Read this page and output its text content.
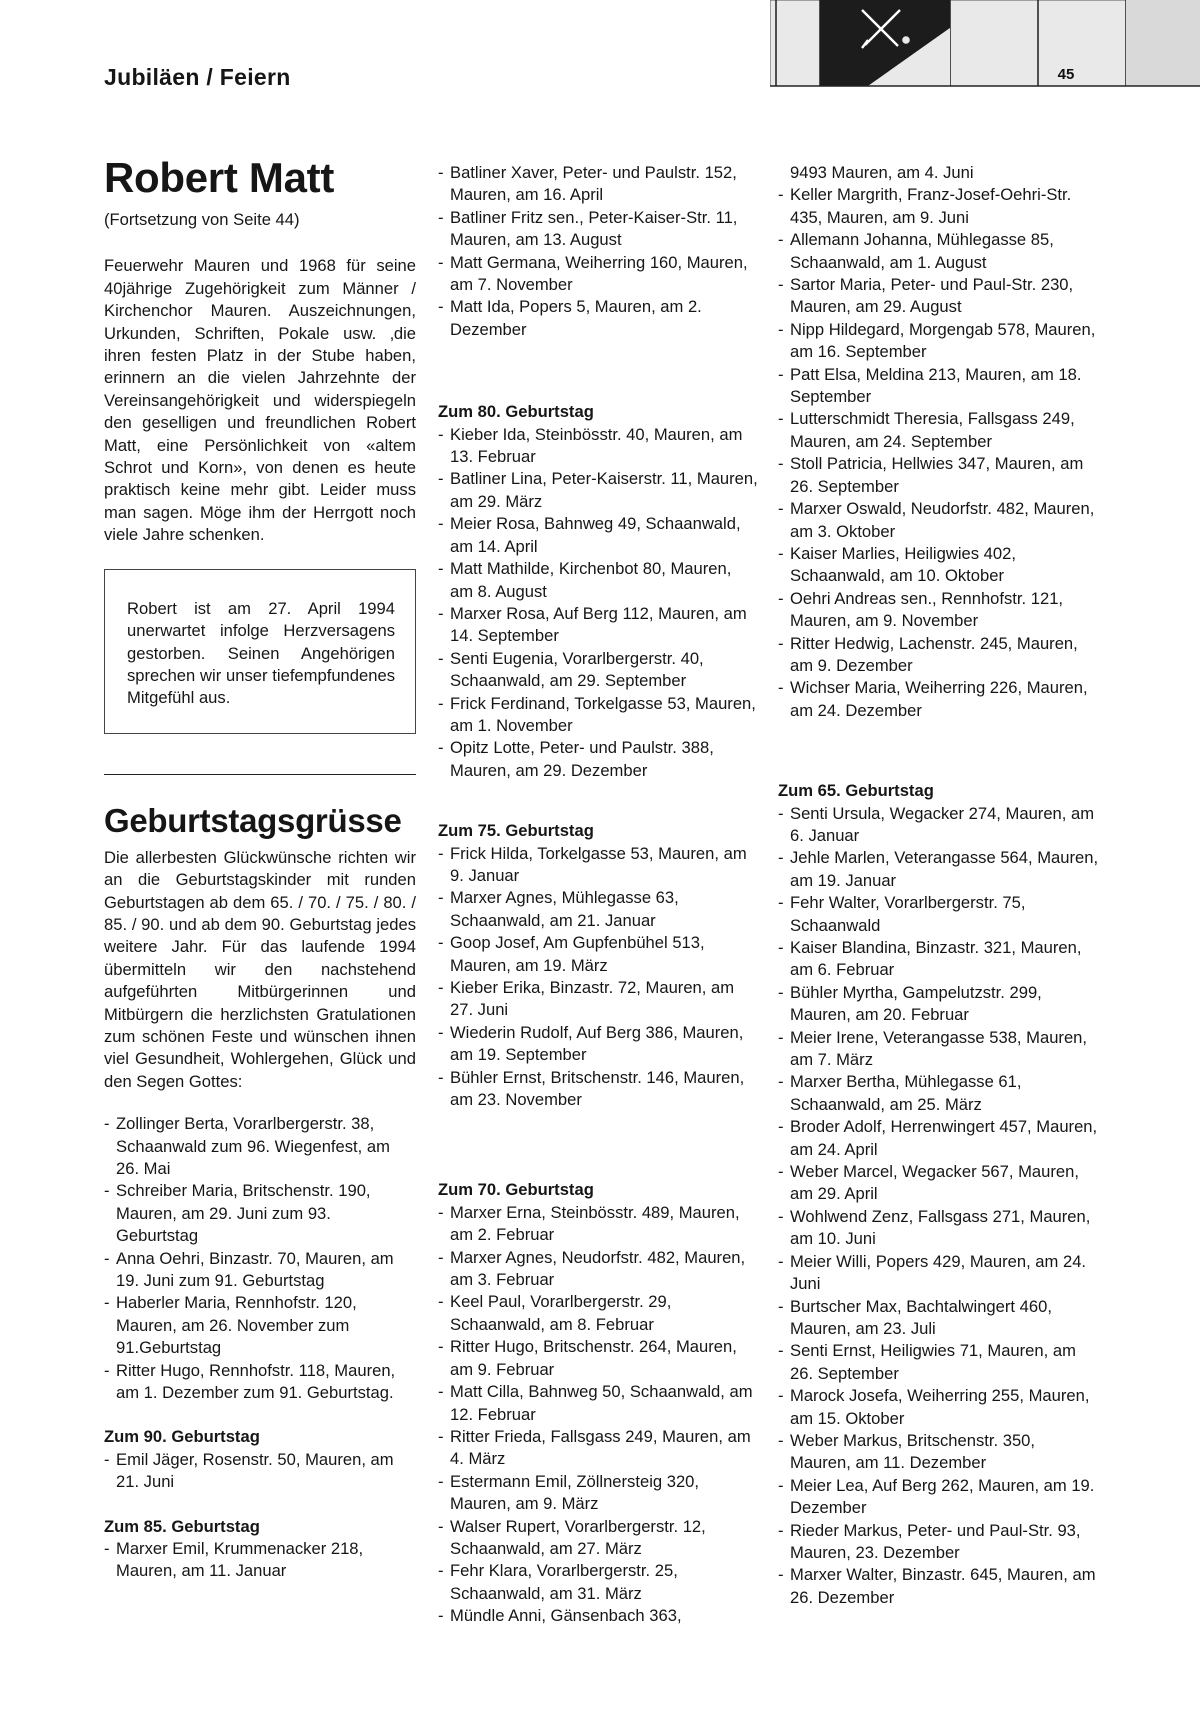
Jubiläen / Feiern	45
Robert Matt
(Fortsetzung von Seite 44)

Feuerwehr Mauren und 1968 für seine 40jährige Zugehörigkeit zum Männer / Kirchenchor Mauren. Auszeichnungen, Urkunden, Schriften, Pokale usw. ‚die ihren festen Platz in der Stube haben, erinnern an die vielen Jahrzehnte der Vereinsangehörigkeit und widerspiegeln den geselligen und freundlichen Robert Matt, eine Persönlichkeit von «altem Schrot und Korn», von denen es heute praktisch keine mehr gibt. Leider muss man sagen. Möge ihm der Herrgott noch viele Jahre schenken.

Robert ist am 27. April 1994 unerwartet infolge Herzversagens gestorben. Seinen Angehörigen sprechen wir unser tiefempfundenes Mitgefühl aus.

Geburtstagsgrüsse

Die allerbesten Glückwünsche richten wir an die Geburtstagskinder mit runden Geburtstagen ab dem 65. / 70. / 75. / 80. / 85. / 90. und ab dem 90. Geburtstag jedes weitere Jahr. Für das laufende 1994 übermitteln wir den nachstehend aufgeführten Mitbürgerinnen und Mitbürgern die herzlichsten Gratulationen zum schönen Feste und wünschen ihnen viel Gesundheit, Wohlergehen, Glück und den Segen Gottes:

- Zollinger Berta, Vorarlbergerstr. 38, Schaanwald zum 96. Wiegenfest, am 26. Mai
- Schreiber Maria, Britschenstr. 190, Mauren, am 29. Juni zum 93. Geburtstag
- Anna Oehri, Binzastr. 70, Mauren, am 19. Juni zum 91. Geburtstag
- Haberler Maria, Rennhofstr. 120, Mauren, am 26. November zum 91.Geburtstag
- Ritter Hugo, Rennhofstr. 118, Mauren, am 1. Dezember zum 91. Geburtstag.
Zum 90. Geburtstag
- Emil Jäger, Rosenstr. 50, Mauren, am 21. Juni
Zum 85. Geburtstag
- Marxer Emil, Krummenacker 218, Mauren, am 11. Januar
- Batliner Xaver, Peter- und Paulstr. 152, Mauren, am 16. April
- Batliner Fritz sen., Peter-Kaiser-Str. 11, Mauren, am 13. August
- Matt Germana, Weiherring 160, Mauren, am 7. November
- Matt Ida, Popers 5, Mauren, am 2. Dezember
Zum 80. Geburtstag
- Kieber Ida, Steinbösstr. 40, Mauren, am 13. Februar
- Batliner Lina, Peter-Kaiserstr. 11, Mauren, am 29. März
- Meier Rosa, Bahnweg 49, Schaanwald, am 14. April
- Matt Mathilde, Kirchenbot 80, Mauren, am 8. August
- Marxer Rosa, Auf Berg 112, Mauren, am 14. September
- Senti Eugenia, Vorarlbergerstr. 40, Schaanwald, am 29. September
- Frick Ferdinand, Torkelgasse 53, Mauren, am 1. November
- Opitz Lotte, Peter- und Paulstr. 388, Mauren, am 29. Dezember
Zum 75. Geburtstag
- Frick Hilda, Torkelgasse 53, Mauren, am 9. Januar
- Marxer Agnes, Mühlegasse 63, Schaanwald, am 21. Januar
- Goop Josef, Am Gupfenbühel 513, Mauren, am 19. März
- Kieber Erika, Binzastr. 72, Mauren, am 27. Juni
- Wiederin Rudolf, Auf Berg 386, Mauren, am 19. September
- Bühler Ernst, Britschenstr. 146, Mauren, am 23. November
Zum 70. Geburtstag
- Marxer Erna, Steinbösstr. 489, Mauren, am 2. Februar
- Marxer Agnes, Neudorfstr. 482, Mauren, am 3. Februar
- Keel Paul, Vorarlbergerstr. 29, Schaanwald, am 8. Februar
- Ritter Hugo, Britschenstr. 264, Mauren, am 9. Februar
- Matt Cilla, Bahnweg 50, Schaanwald, am 12. Februar
- Ritter Frieda, Fallsgass 249, Mauren, am 4. März
- Estermann Emil, Zöllnersteig 320, Mauren, am 9. März
- Walser Rupert, Vorarlbergerstr. 12, Schaanwald, am 27. März
- Fehr Klara, Vorarlbergerstr. 25, Schaanwald, am 31. März
- Mündle Anni, Gänsenbach 363,
9493 Mauren, am 4. Juni
- Keller Margrith, Franz-Josef-Oehri-Str. 435, Mauren, am 9. Juni
- Allemann Johanna, Mühlegasse 85, Schaanwald, am 1. August
- Sartor Maria, Peter- und Paul-Str. 230, Mauren, am 29. August
- Nipp Hildegard, Morgengab 578, Mauren, am 16. September
- Patt Elsa, Meldina 213, Mauren, am 18. September
- Lutterschmidt Theresia, Fallsgass 249, Mauren, am 24. September
- Stoll Patricia, Hellwies 347, Mauren, am 26. September
- Marxer Oswald, Neudorfstr. 482, Mauren, am 3. Oktober
- Kaiser Marlies, Heiligwies 402, Schaanwald, am 10. Oktober
- Oehri Andreas sen., Rennhofstr. 121, Mauren, am 9. November
- Ritter Hedwig, Lachenstr. 245, Mauren, am 9. Dezember
- Wichser Maria, Weiherring 226, Mauren, am 24. Dezember
Zum 65. Geburtstag
- Senti Ursula, Wegacker 274, Mauren, am 6. Januar
- Jehle Marlen, Veterangasse 564, Mauren, am 19. Januar
- Fehr Walter, Vorarlbergerstr. 75, Schaanwald
- Kaiser Blandina, Binzastr. 321, Mauren, am 6. Februar
- Bühler Myrtha, Gampelutzstr. 299, Mauren, am 20. Februar
- Meier Irene, Veterangasse 538, Mauren, am 7. März
- Marxer Bertha, Mühlegasse 61, Schaanwald, am 25. März
- Broder Adolf, Herrenwingert 457, Mauren, am 24. April
- Weber Marcel, Wegacker 567, Mauren, am 29. April
- Wohlwend Zenz, Fallsgass 271, Mauren, am 10. Juni
- Meier Willi, Popers 429, Mauren, am 24. Juni
- Burtscher Max, Bachtalwingert 460, Mauren, am 23. Juli
- Senti Ernst, Heiligwies 71, Mauren, am 26. September
- Marock Josefa, Weiherring 255, Mauren, am 15. Oktober
- Weber Markus, Britschenstr. 350, Mauren, am 11. Dezember
- Meier Lea, Auf Berg 262, Mauren, am 19. Dezember
- Rieder Markus, Peter- und Paul-Str. 93, Mauren, 23. Dezember
- Marxer Walter, Binzastr. 645, Mauren, am 26. Dezember
